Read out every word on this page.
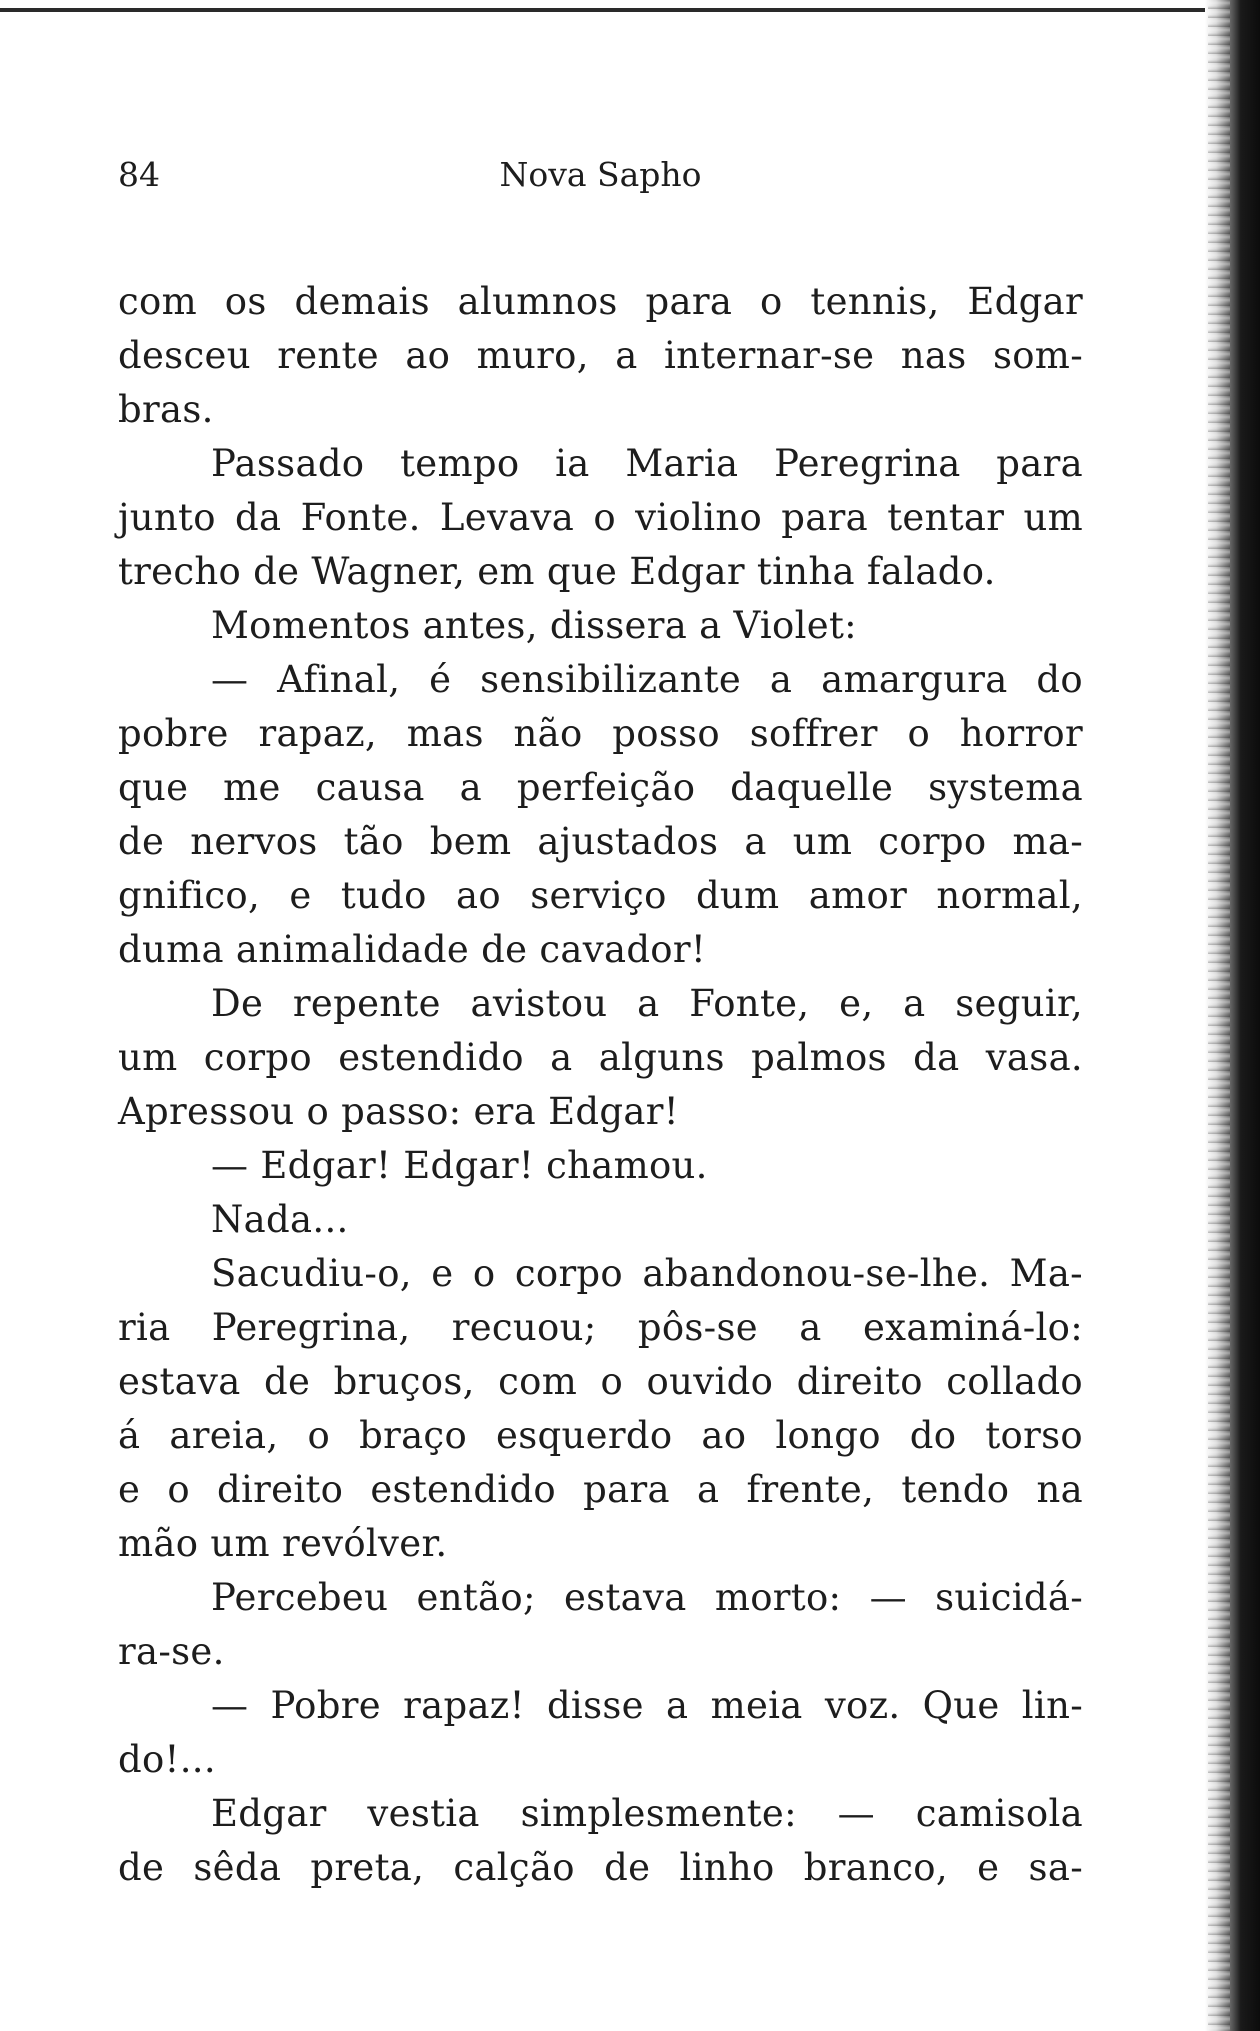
84	Nova Sapho
com os demais alumnos para o tennis, Edgar
desceu rente ao muro, a internar-se nas som-
bras.
Passado tempo ia Maria Peregrina para
junto da Fonte. Levava o violino para tentar um
trecho de Wagner, em que Edgar tinha falado.
Momentos antes, dissera a Violet:
— Afinal, é sensibilizante a amargura do
pobre rapaz, mas não posso soffrer o horror
que me causa a perfeição daquelle systema
de nervos tão bem ajustados a um corpo ma-
gnifico, e tudo ao serviço dum amor normal,
duma animalidade de cavador!
De repente avistou a Fonte, e, a seguir,
um corpo estendido a alguns palmos da vasa.
Apressou o passo: era Edgar!
— Edgar! Edgar! chamou.
Nada...
Sacudiu-o, e o corpo abandonou-se-lhe. Ma-
ria Peregrina, recuou; pôs-se a examiná-lo:
estava de bruços, com o ouvido direito collado
á areia, o braço esquerdo ao longo do torso
e o direito estendido para a frente, tendo na
mão um revólver.
Percebeu então; estava morto: — suicidá-
ra-se.
— Pobre rapaz! disse a meia voz. Que lin-
do!...
Edgar vestia simplesmente: — camisola
de sêda preta, calção de linho branco, e sa-
